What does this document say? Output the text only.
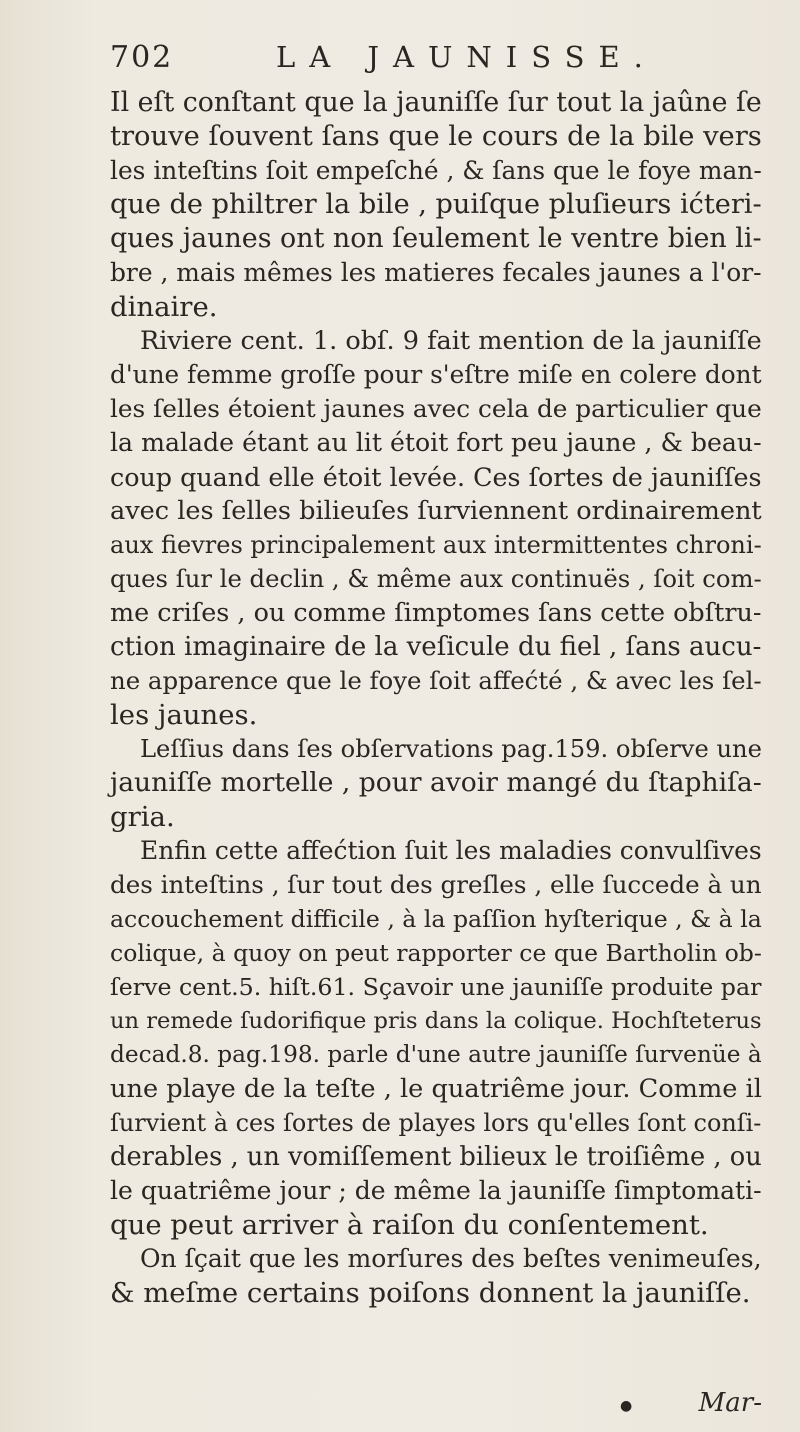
702	LA JAUNISSE.

Il eſt conſtant que la jauniſſe ſur tout la jaûne ſe
trouve ſouvent ſans que le cours de la bile vers
les inteſtins ſoit empeſché , & ſans que le foye man-
que de philtrer la bile , puiſque pluſieurs ićteri-
ques jaunes ont non ſeulement le ventre bien li-
bre , mais mêmes les matieres fecales jaunes a l'or-
dinaire.

Riviere cent. 1. obſ. 9 fait mention de la jauniſſe
d'une femme groſſe pour s'eſtre miſe en colere dont
les ſelles étoient jaunes avec cela de particulier que
la malade étant au lit étoit fort peu jaune , & beau-
coup quand elle étoit levée. Ces ſortes de jauniſſes
avec les ſelles bilieuſes ſurviennent ordinairement
aux fievres principalement aux intermittentes chroni-
ques ſur le declin , & même aux continuës , ſoit com-
me criſes , ou comme ſimptomes ſans cette obſtru-
ction imaginaire de la veſicule du fiel , ſans aucu-
ne apparence que le foye ſoit affećté , & avec les ſel-
les jaunes.

Leſſius dans ſes obſervations pag.159. obſerve une
jauniſſe mortelle , pour avoir mangé du ſtaphiſa-
gria.

Enfin cette affećtion ſuit les maladies convulſives
des inteſtins , ſur tout des greſles , elle ſuccede à un
accouchement difficile , à la paſſion hyſterique , & à la
colique, à quoy on peut rapporter ce que Bartholin ob-
ſerve cent.5. hiſt.61. Sçavoir une jauniſſe produite par
un remede ſudorifique pris dans la colique. Hochſteterus
decad.8. pag.198. parle d'une autre jauniſſe ſurvenüe à
une playe de la teſte , le quatriême jour. Comme il
ſurvient à ces ſortes de playes lors qu'elles ſont conſi-
derables , un vomiſſement bilieux le troiſiême , ou
le quatriême jour ; de même la jauniſſe ſimptomati-
que peut arriver à raiſon du conſentement.

On ſçait que les morſures des beſtes venimeuſes,
& meſme certains poiſons donnent la jauniſſe.

Mar-
●
